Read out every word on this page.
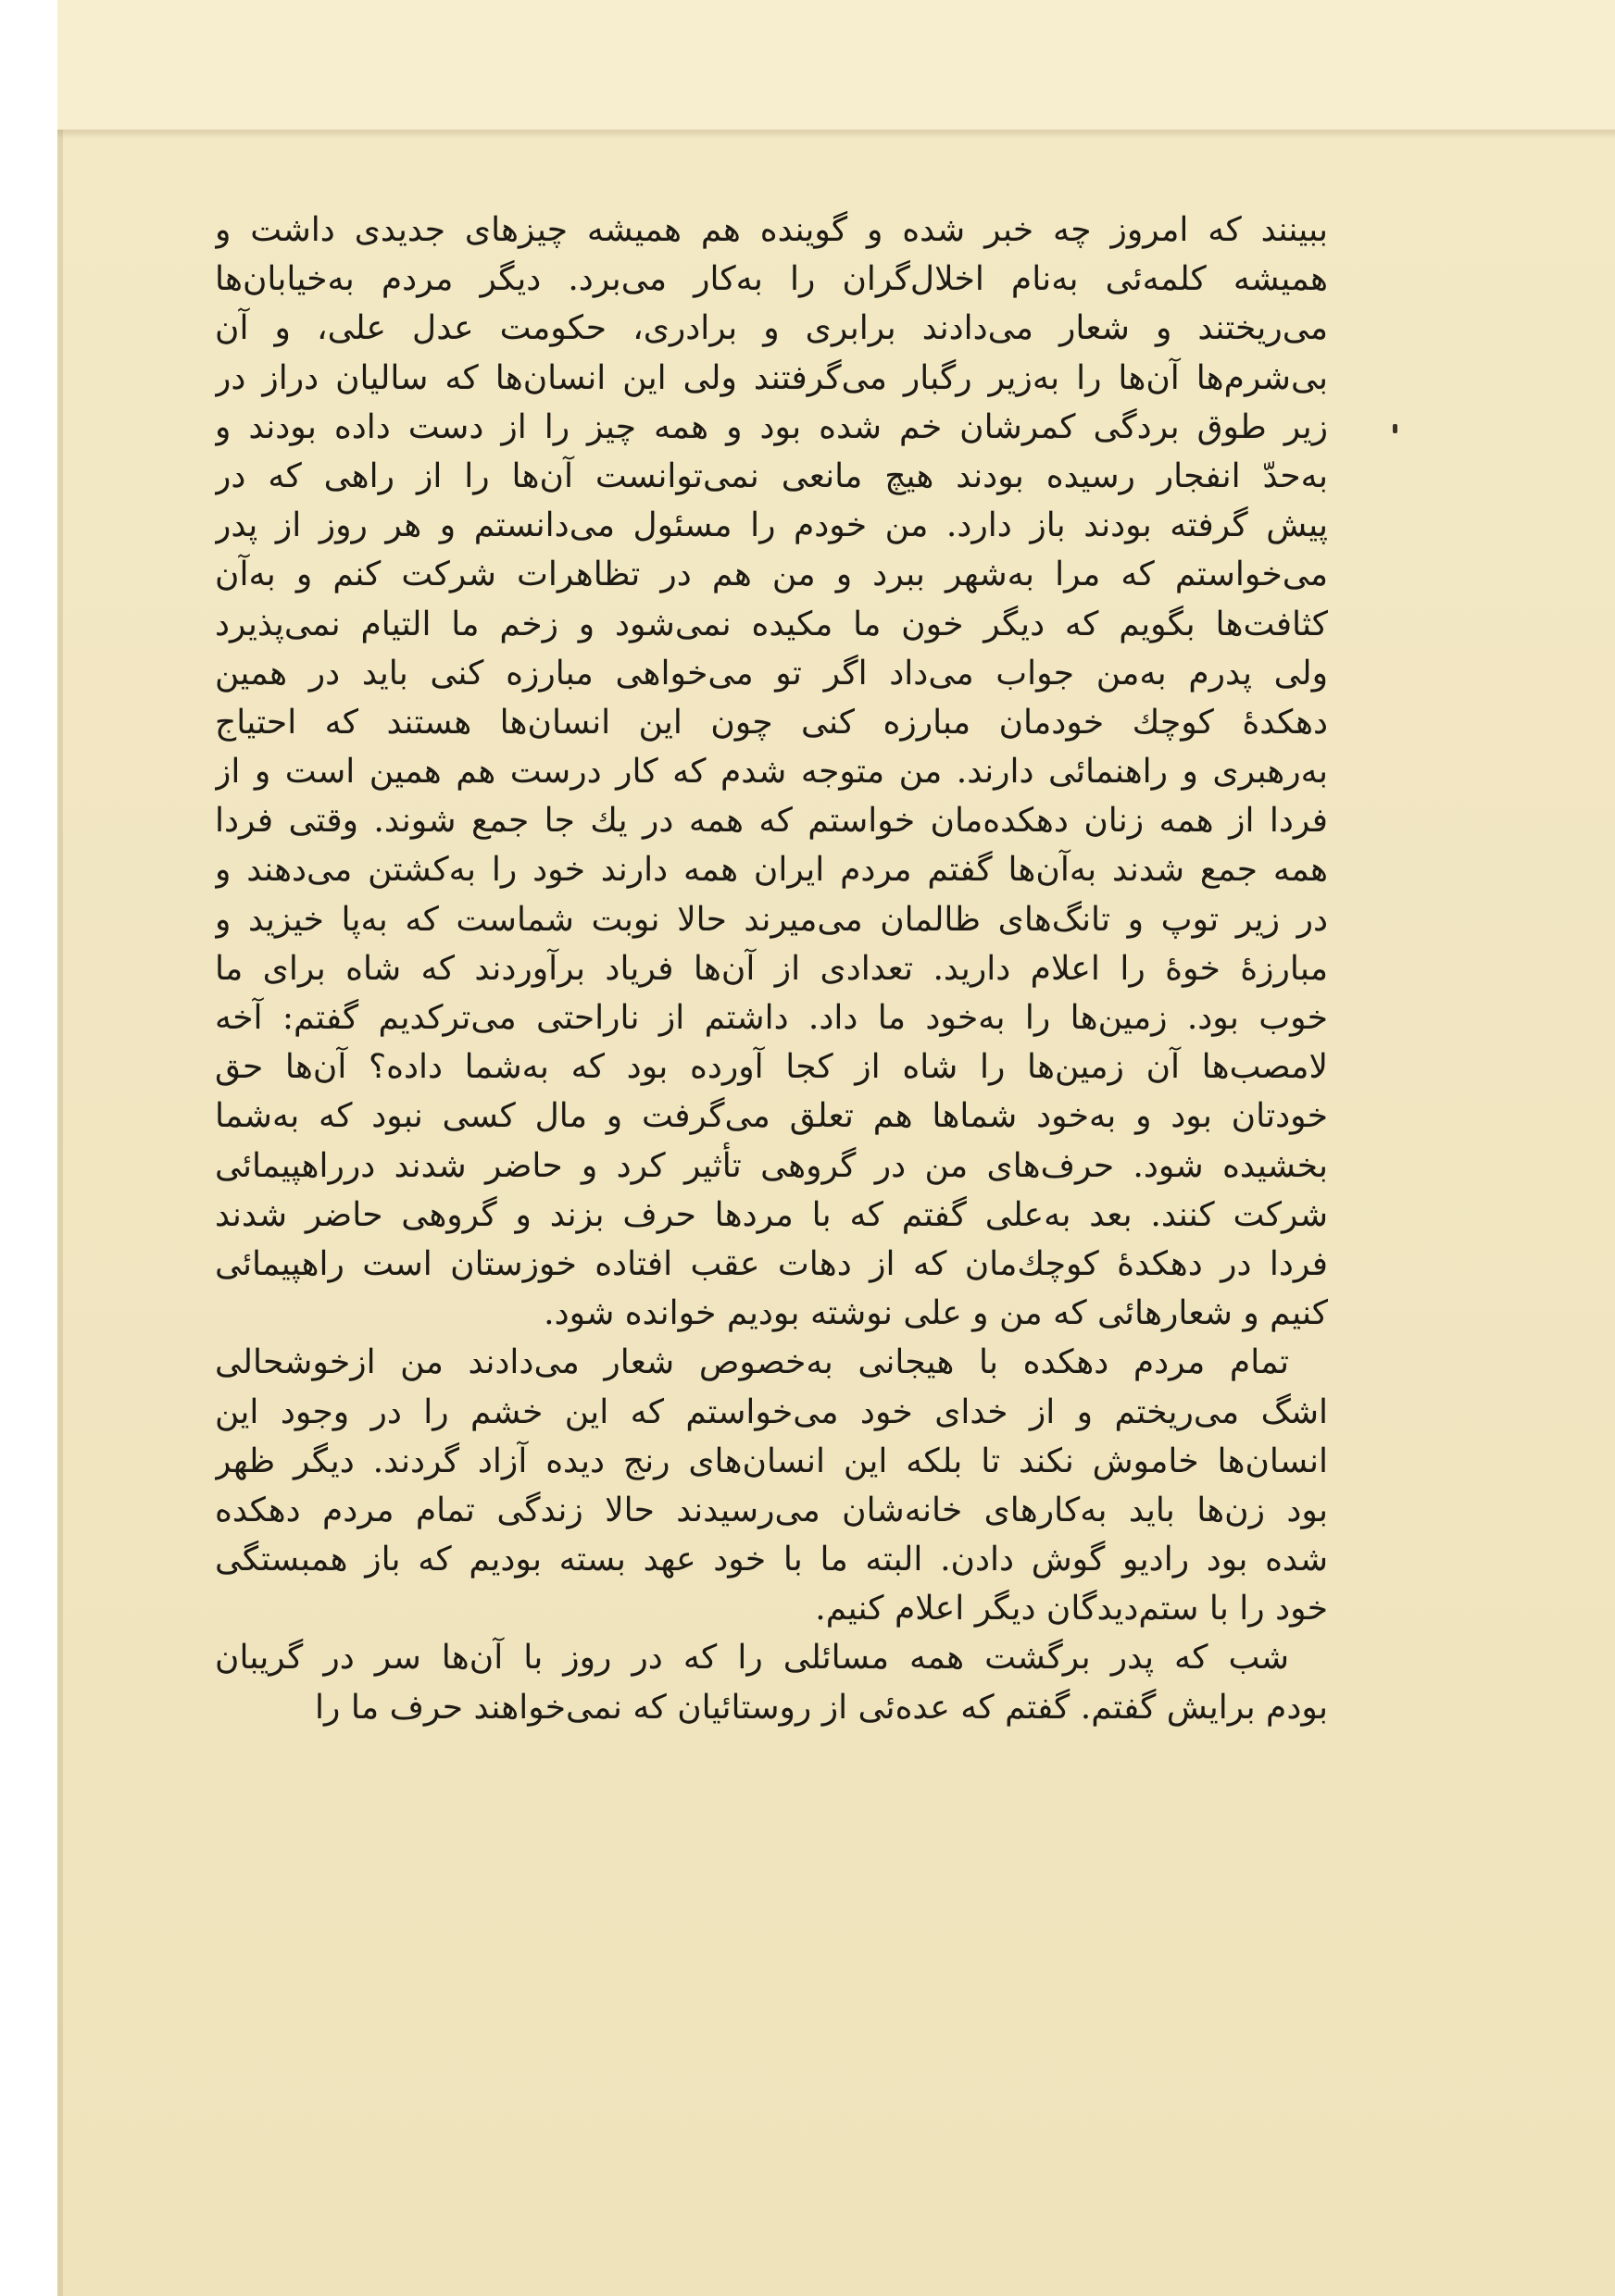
ببینند که امروز چه خبر شده و گوینده هم همیشه چیزهای جدیدی داشت و
همیشه کلمه‌ئی به‌نام اخلال‌گران را به‌کار می‌برد. دیگر مردم به‌خیابان‌ها
می‌ریختند و شعار می‌دادند برابری و برادری، حکومت عدل علی، و آن
بی‌شرم‌ها آن‌ها را به‌زیر رگبار می‌گرفتند ولی این انسان‌ها که سالیان دراز در
زیر طوق بردگی کمرشان خم شده بود و همه چیز را از دست داده بودند و
به‌حدّ انفجار رسیده بودند هیچ مانعی نمی‌توانست آن‌ها را از راهی که در
پیش گرفته بودند باز دارد. من خودم را مسئول می‌دانستم و هر روز از پدر
می‌خواستم که مرا به‌شهر ببرد و من هم در تظاهرات شرکت کنم و به‌آن
کثافت‌ها بگویم که دیگر خون ما مکیده نمی‌شود و زخم ما التیام نمی‌پذیرد
ولی پدرم به‌من جواب می‌داد اگر تو می‌خواهی مبارزه کنی باید در همین
دهکدهٔ کوچك خودمان مبارزه کنی چون این انسان‌ها هستند که احتیاج
به‌رهبری و راهنمائی دارند. من متوجه شدم که کار درست هم همین است و از
فردا از همه زنان دهکده‌مان خواستم که همه در یك جا جمع شوند. وقتی فردا
همه جمع شدند به‌آن‌ها گفتم مردم ایران همه دارند خود را به‌کشتن می‌دهند و
در زیر توپ و تانگ‌های ظالمان می‌میرند حالا نوبت شماست که به‌پا خیزید و
مبارزهٔ خوهٔ را اعلام دارید. تعدادی از آن‌ها فریاد برآوردند که شاه برای ما
خوب بود. زمین‌ها را به‌خود ما داد. داشتم از ناراحتی می‌ترکدیم گفتم: آخه
لامصب‌ها آن زمین‌ها را شاه از کجا آورده بود که به‌شما داده؟ آن‌ها حق
خودتان بود و به‌خود شماها هم تعلق می‌گرفت و مال کسی نبود که به‌شما
بخشیده شود. حرف‌های من در گروهی تأثیر کرد و حاضر شدند درراهپیمائی
شرکت کنند. بعد به‌علی گفتم که با مردها حرف بزند و گروهی حاضر شدند
فردا در دهکدهٔ کوچك‌مان که از دهات عقب افتاده خوزستان است راهپیمائی
کنیم و شعارهائی که من و علی نوشته بودیم خوانده شود.
تمام مردم دهکده با هیجانی به‌خصوص شعار می‌دادند من ازخوشحالی
اشگ می‌ریختم و از خدای خود می‌خواستم که این خشم را در وجود این
انسان‌ها خاموش نکند تا بلکه این انسان‌های رنج دیده آزاد گردند. دیگر ظهر
بود زن‌ها باید به‌کارهای خانه‌شان می‌رسیدند حالا زندگی تمام مردم دهکده
شده بود رادیو گوش دادن. البته ما با خود عهد بسته بودیم که باز همبستگی
خود را با ستم‌دیدگان دیگر اعلام کنیم.
شب که پدر برگشت همه مسائلی را که در روز با آن‌ها سر در گریبان
بودم برایش گفتم. گفتم که عده‌ئی از روستائیان که نمی‌خواهند حرف ما را
